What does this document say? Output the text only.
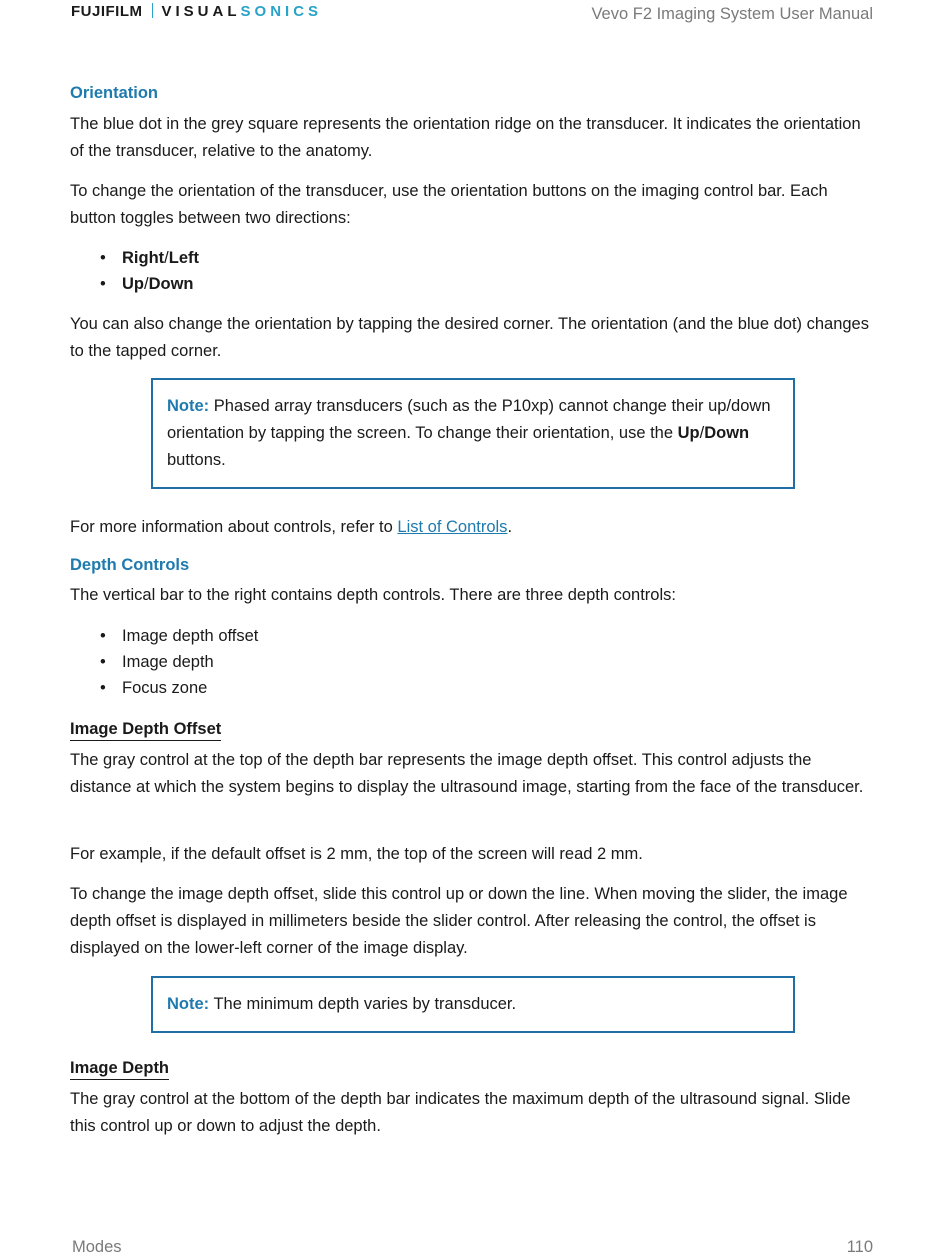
FUJIFILM VISUALSONICS	Vevo F2 Imaging System User Manual
Orientation

The blue dot in the grey square represents the orientation ridge on the transducer. It indicates the orientation of the transducer, relative to the anatomy.

To change the orientation of the transducer, use the orientation buttons on the imaging control bar. Each button toggles between two directions:

• Right/Left
• Up/Down

You can also change the orientation by tapping the desired corner. The orientation (and the blue dot) changes to the tapped corner.

Note: Phased array transducers (such as the P10xp) cannot change their up/down orientation by tapping the screen. To change their orientation, use the Up/Down buttons.

For more information about controls, refer to List of Controls.

Depth Controls

The vertical bar to the right contains depth controls. There are three depth controls:

• Image depth offset
• Image depth
• Focus zone
Image Depth Offset

The gray control at the top of the depth bar represents the image depth offset. This control adjusts the distance at which the system begins to display the ultrasound image, starting from the face of the transducer.

For example, if the default offset is 2 mm, the top of the screen will read 2 mm.

To change the image depth offset, slide this control up or down the line. When moving the slider, the image depth offset is displayed in millimeters beside the slider control. After releasing the control, the offset is displayed on the lower-left corner of the image display.

Note: The minimum depth varies by transducer.
Image Depth

The gray control at the bottom of the depth bar indicates the maximum depth of the ultrasound signal. Slide this control up or down to adjust the depth.

Modes	110
